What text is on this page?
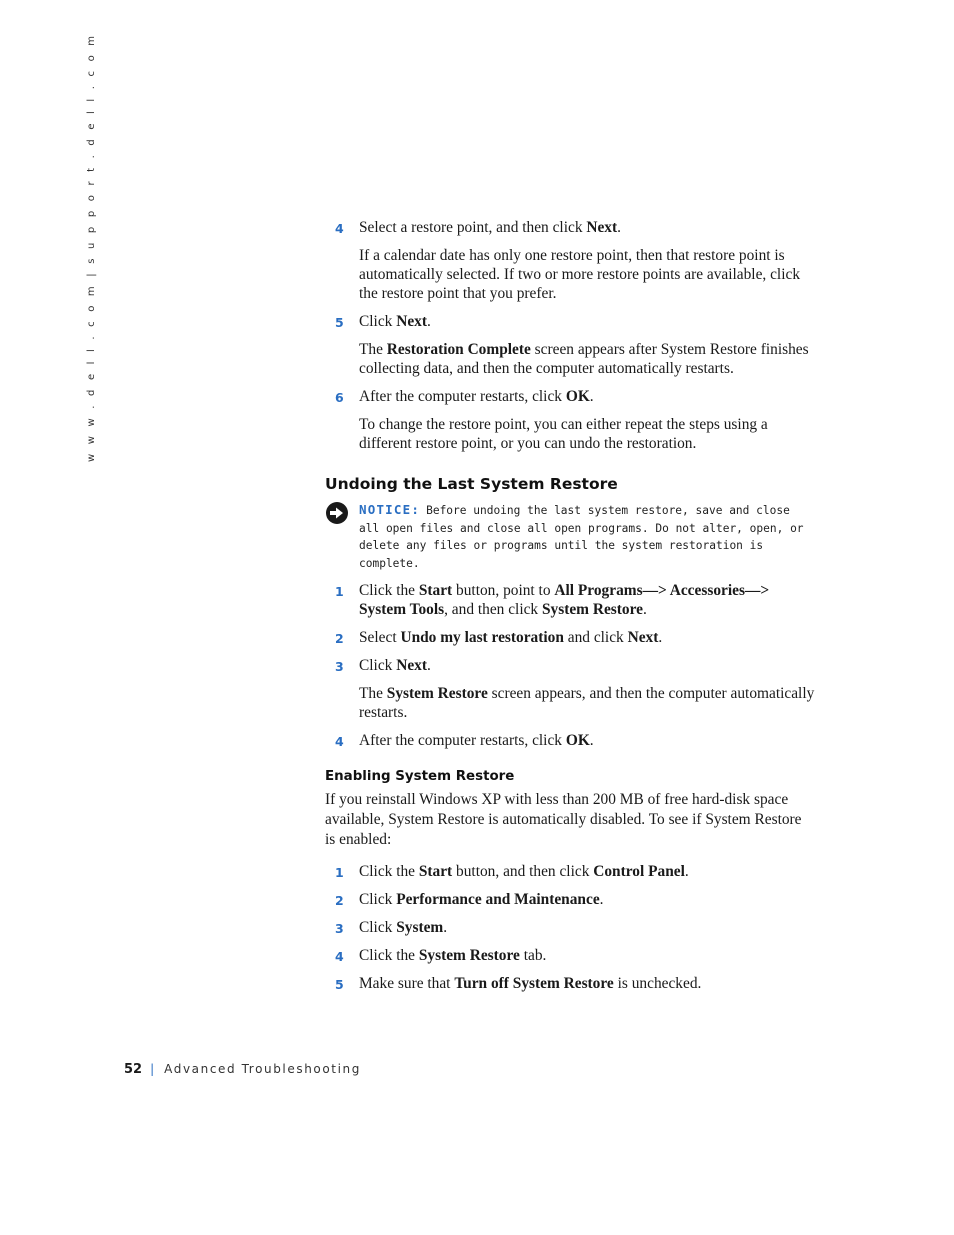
w w w . d e l l . c o m | s u p p o r t . d e l l . c o m	4 Select a restore point, and then click Next.
If a calendar date has only one restore point, then that restore point is automatically selected. If two or more restore points are available, click the restore point that you prefer.
5 Click Next.
The Restoration Complete screen appears after System Restore finishes collecting data, and then the computer automatically restarts.
6 After the computer restarts, click OK.
To change the restore point, you can either repeat the steps using a different restore point, or you can undo the restoration.
Undoing the Last System Restore
NOTICE: Before undoing the last system restore, save and close all open files and close all open programs. Do not alter, open, or delete any files or programs until the system restoration is complete.
1 Click the Start button, point to All Programs—> Accessories—> System Tools, and then click System Restore.
2 Select Undo my last restoration and click Next.
3 Click Next.
The System Restore screen appears, and then the computer automatically restarts.
4 After the computer restarts, click OK.
Enabling System Restore
If you reinstall Windows XP with less than 200 MB of free hard-disk space available, System Restore is automatically disabled. To see if System Restore is enabled:
1 Click the Start button, and then click Control Panel.
2 Click Performance and Maintenance.
3 Click System.
4 Click the System Restore tab.
5 Make sure that Turn off System Restore is unchecked.
52 | Advanced Troubleshooting
